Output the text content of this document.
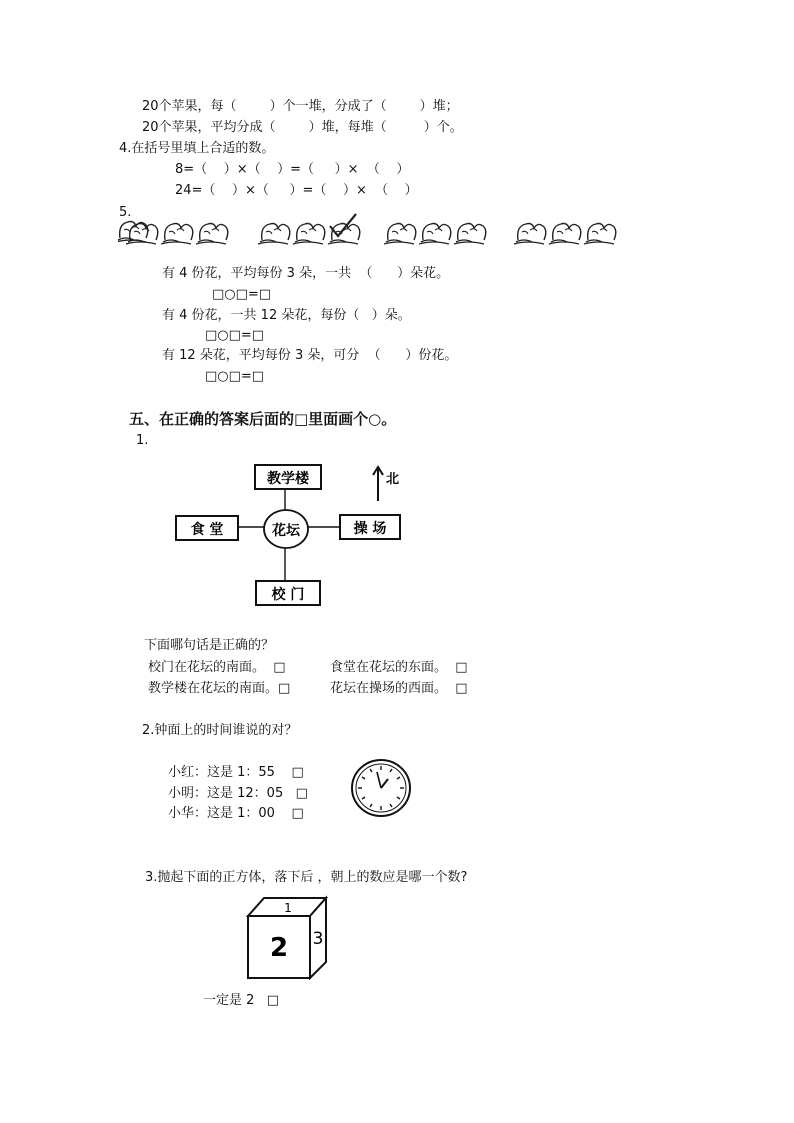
20个苹果，每（        ）个一堆，分成了（        ）堆；
20个苹果，平均分成（        ）堆，每堆（         ）个。
4.在括号里填上合适的数。
8=（    ）×（    ）=（     ）×  （    ）
24=（    ）×（     ）=（    ）×  （    ）
5.
有 4 份花，平均每份 3 朵，一共  （      ）朵花。
□○□=□
有 4 份花，一共 12 朵花，每份（   ）朵。
□○□=□
有 12 朵花，平均每份 3 朵，可分  （      ）份花。
□○□=□
五、在正确的答案后面的□里面画个○。
1.
教学楼
食 堂	操 场
校 门
花坛
北
下面哪句话是正确的？
校门在花坛的南面。  □	食堂在花坛的东面。  □
教学楼在花坛的南面。□	花坛在操场的西面。  □
2.钟面上的时间谁说的对？
小红：这是 1：55    □
小明：这是 12：05   □
小华：这是 1：00    □
3.抛起下面的正方体，落下后 ，朝上的数应是哪一个数?
2 3
1
一定是 2   □
